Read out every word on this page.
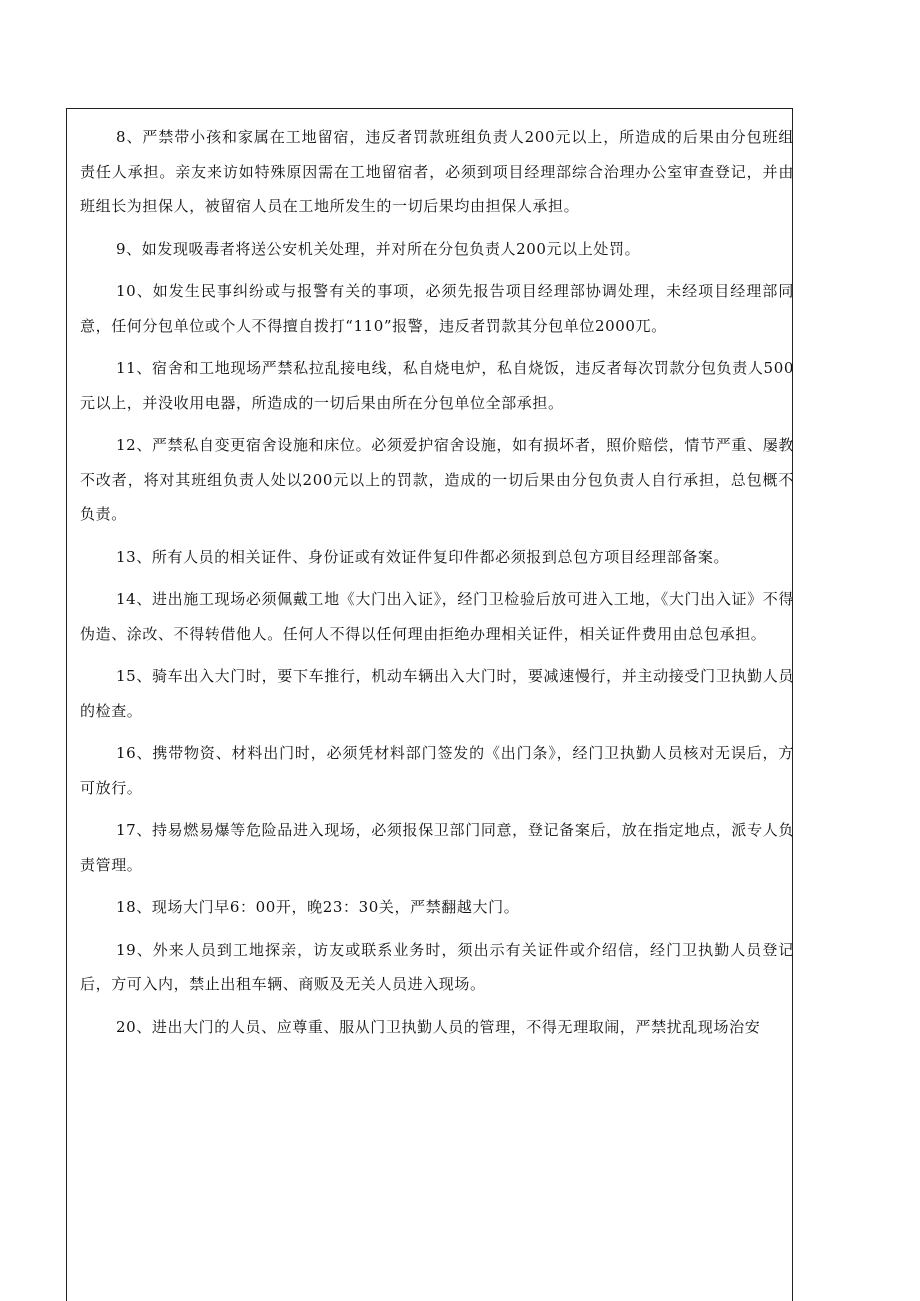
8、严禁带小孩和家属在工地留宿，违反者罚款班组负责人200元以上，所造成的后果由分包班组责任人承担。亲友来访如特殊原因需在工地留宿者，必须到项目经理部综合治理办公室审查登记，并由班组长为担保人，被留宿人员在工地所发生的一切后果均由担保人承担。

9、如发现吸毒者将送公安机关处理，并对所在分包负责人200元以上处罚。

10、如发生民事纠纷或与报警有关的事项，必须先报告项目经理部协调处理，未经项目经理部同意，任何分包单位或个人不得擅自拨打“110”报警，违反者罚款其分包单位2000兀。

11、宿舍和工地现场严禁私拉乱接电线，私自烧电炉，私自烧饭，违反者每次罚款分包负责人500元以上，并没收用电器，所造成的一切后果由所在分包单位全部承担。

12、严禁私自变更宿舍设施和床位。必须爱护宿舍设施，如有损坏者，照价赔偿，情节严重、屡教不改者，将对其班组负责人处以200元以上的罚款，造成的一切后果由分包负责人自行承担，总包概不负责。

13、所有人员的相关证件、身份证或有效证件复印件都必须报到总包方项目经理部备案。

14、进出施工现场必须佩戴工地《大门出入证》，经门卫检验后放可进入工地，《大门出入证》不得伪造、涂改、不得转借他人。任何人不得以任何理由拒绝办理相关证件，相关证件费用由总包承担。

15、骑车出入大门时，要下车推行，机动车辆出入大门时，要减速慢行，并主动接受门卫执勤人员的检查。

16、携带物资、材料出门时，必须凭材料部门签发的《出门条》，经门卫执勤人员核对无误后，方可放行。

17、持易燃易爆等危险品进入现场，必须报保卫部门同意，登记备案后，放在指定地点，派专人负责管理。

18、现场大门早6：00开，晚23：30关，严禁翻越大门。

19、外来人员到工地探亲，访友或联系业务时，须出示有关证件或介绍信，经门卫执勤人员登记后，方可入内，禁止出租车辆、商贩及无关人员进入现场。

20、进出大门的人员、应尊重、服从门卫执勤人员的管理，不得无理取闹，严禁扰乱现场治安
